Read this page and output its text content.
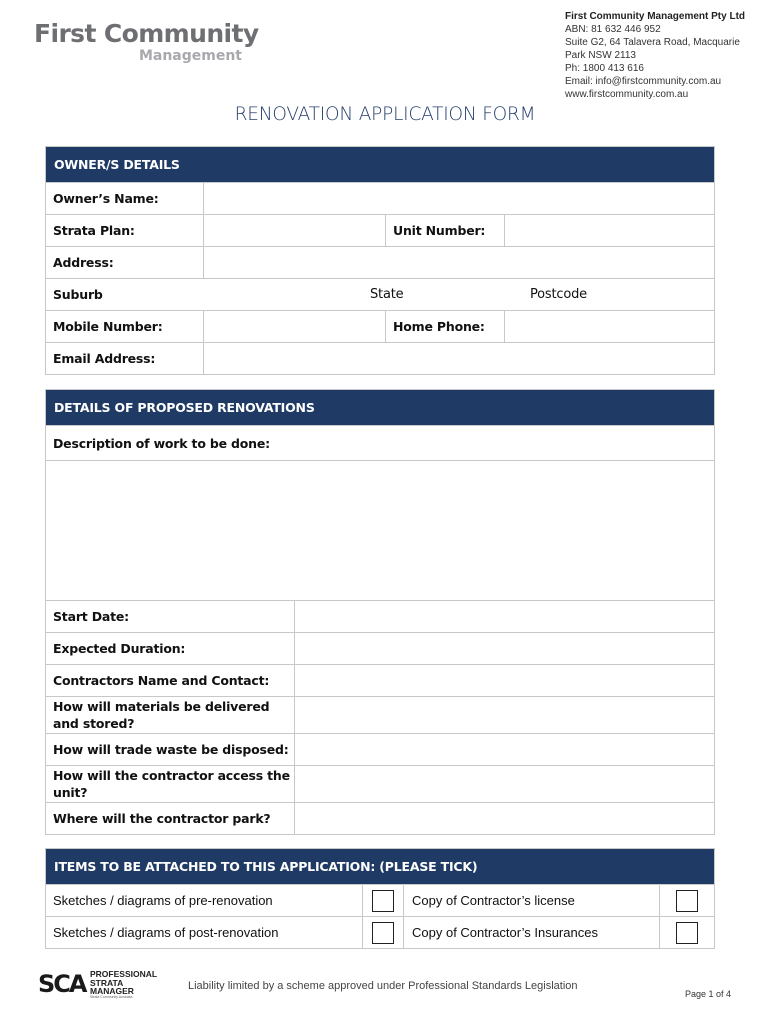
First Community
Management
First Community Management Pty Ltd
ABN: 81 632 446 952
Suite G2, 64 Talavera Road, Macquarie Park NSW 2113
Ph: 1800 413 616
Email: info@firstcommunity.com.au
www.firstcommunity.com.au
RENOVATION APPLICATION FORM
OWNER/S DETAILS
Owner’s Name:
Strata Plan:	Unit Number:
Address:
Suburb	State	Postcode
Mobile Number:	Home Phone:
Email Address:
DETAILS OF PROPOSED RENOVATIONS
Description of work to be done:
Start Date:
Expected Duration:
Contractors Name and Contact:
How will materials be delivered and stored?
How will trade waste be disposed:
How will the contractor access the unit?
Where will the contractor park?
ITEMS TO BE ATTACHED TO THIS APPLICATION: (PLEASE TICK)
Sketches / diagrams of pre-renovation	Copy of Contractor’s license
Sketches / diagrams of post-renovation	Copy of Contractor’s Insurances
SCA PROFESSIONAL
STRATA
MANAGER
Strata Community Australia
Liability limited by a scheme approved under Professional Standards Legislation
Page 1 of 4
